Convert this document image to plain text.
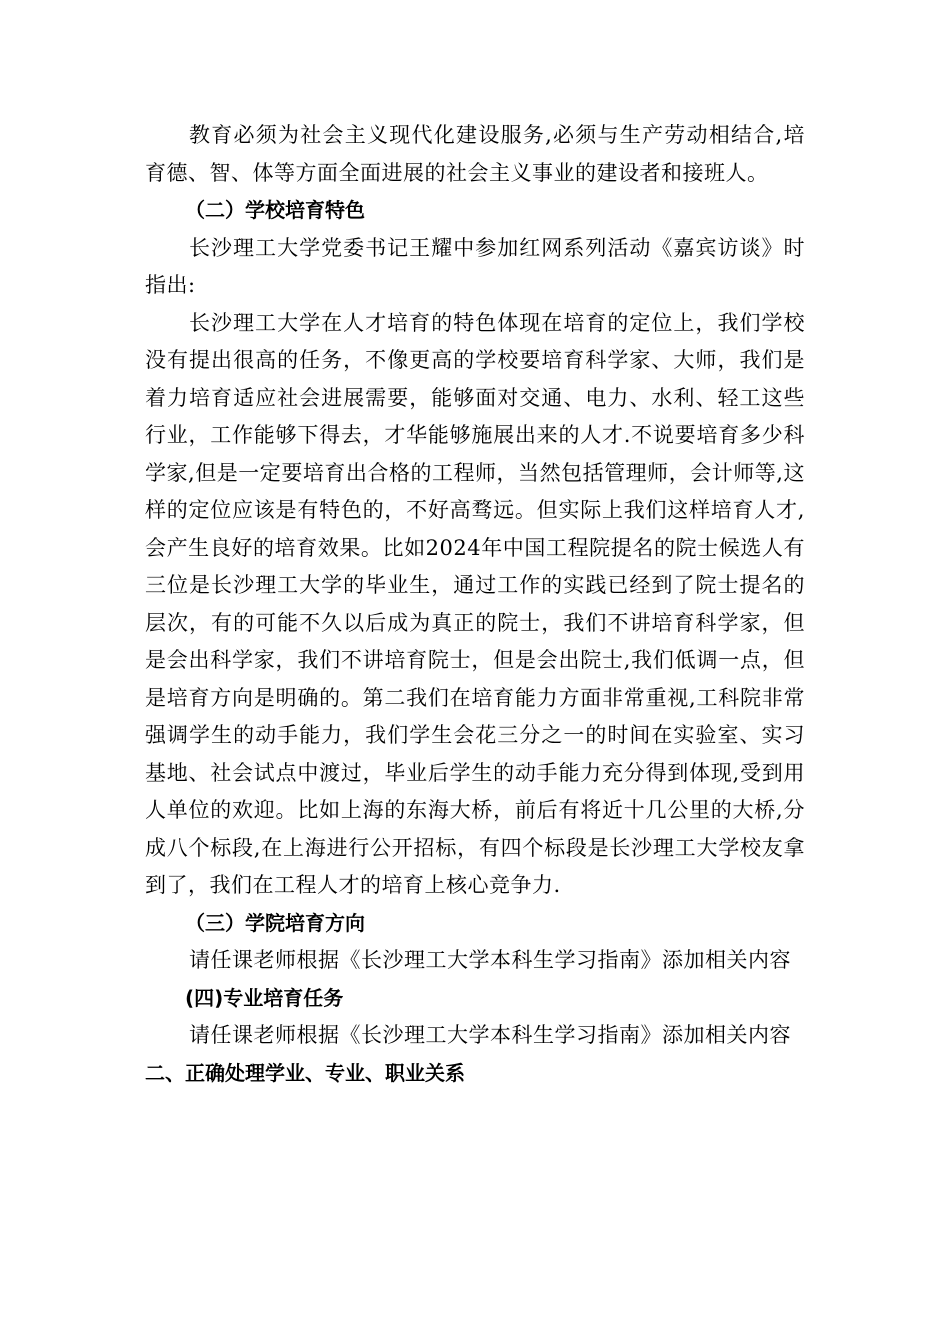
教育必须为社会主义现代化建设服务,必须与生产劳动相结合,培育德、智、体等方面全面进展的社会主义事业的建设者和接班人。

（二）学校培育特色

长沙理工大学党委书记王耀中参加红网系列活动《嘉宾访谈》时指出:

长沙理工大学在人才培育的特色体现在培育的定位上，我们学校没有提出很高的任务，不像更高的学校要培育科学家、大师，我们是着力培育适应社会进展需要，能够面对交通、电力、水利、轻工这些行业，工作能够下得去，才华能够施展出来的人才.不说要培育多少科学家,但是一定要培育出合格的工程师，当然包括管理师，会计师等,这样的定位应该是有特色的，不好高骛远。但实际上我们这样培育人才,会产生良好的培育效果。比如2024年中国工程院提名的院士候选人有三位是长沙理工大学的毕业生，通过工作的实践已经到了院士提名的层次，有的可能不久以后成为真正的院士，我们不讲培育科学家，但是会出科学家，我们不讲培育院士，但是会出院士,我们低调一点，但是培育方向是明确的。第二我们在培育能力方面非常重视,工科院非常强调学生的动手能力，我们学生会花三分之一的时间在实验室、实习基地、社会试点中渡过，毕业后学生的动手能力充分得到体现,受到用人单位的欢迎。比如上海的东海大桥，前后有将近十几公里的大桥,分成八个标段,在上海进行公开招标，有四个标段是长沙理工大学校友拿到了，我们在工程人才的培育上核心竞争力.

（三）学院培育方向

请任课老师根据《长沙理工大学本科生学习指南》添加相关内容

(四)专业培育任务

请任课老师根据《长沙理工大学本科生学习指南》添加相关内容

二、正确处理学业、专业、职业关系
